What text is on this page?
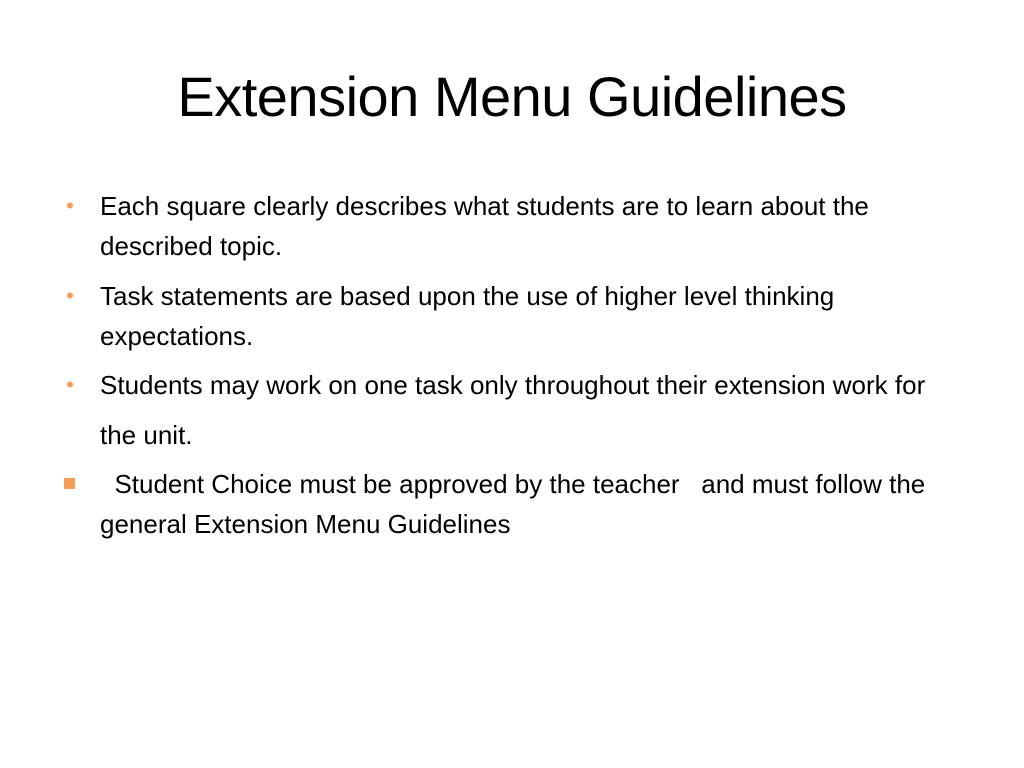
Extension Menu Guidelines
• Each square clearly describes what students are to learn about the described topic.
• Task statements are based upon the use of higher level thinking expectations.
• Students may work on one task only throughout their extension work for the unit.
Student Choice must be approved by the teacher   and must follow the general Extension Menu Guidelines
